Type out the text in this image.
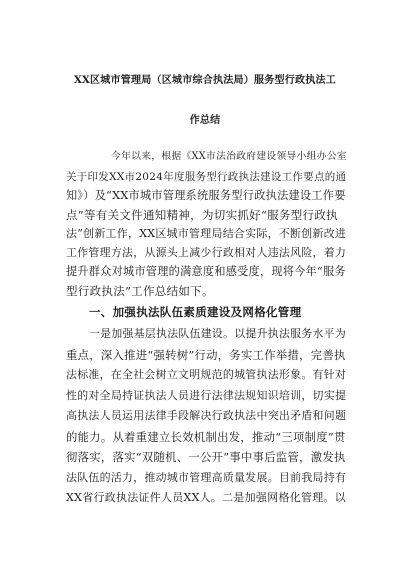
XX区城市管理局（区城市综合执法局）服务型行政执法工
作总结
今年以来，根据《XX市法治政府建设领导小组办公室
关于印发XX市2024年度服务型行政执法建设工作要点的通
知》）及“XX市城市管理系统服务型行政执法建设工作要
点”等有关文件通知精神，为切实抓好“服务型行政执
法”创新工作，XX区城市管理局结合实际，不断创新改进
工作管理方法，从源头上减少行政相对人违法风险，着力
提升群众对城市管理的满意度和感受度，现将今年“服务
型行政执法”工作总结如下。
一、加强执法队伍素质建设及网格化管理
一是加强基层执法队伍建设。以提升执法服务水平为
重点，深入推进“强转树”行动，务实工作举措，完善执
法标准，在全社会树立文明规范的城管执法形象。有针对
性的对全局持证执法人员进行法律法规知识培训，切实提
高执法人员运用法律手段解决行政执法中突出矛盾和问题
的能力。从着重建立长效机制出发，推动“三项制度”贯
彻落实，落实“双随机、一公开”事中事后监管，激发执
法队伍的活力，推动城市管理高质量发展。目前我局持有
XX省行政执法证件人员XX人。二是加强网格化管理。以
